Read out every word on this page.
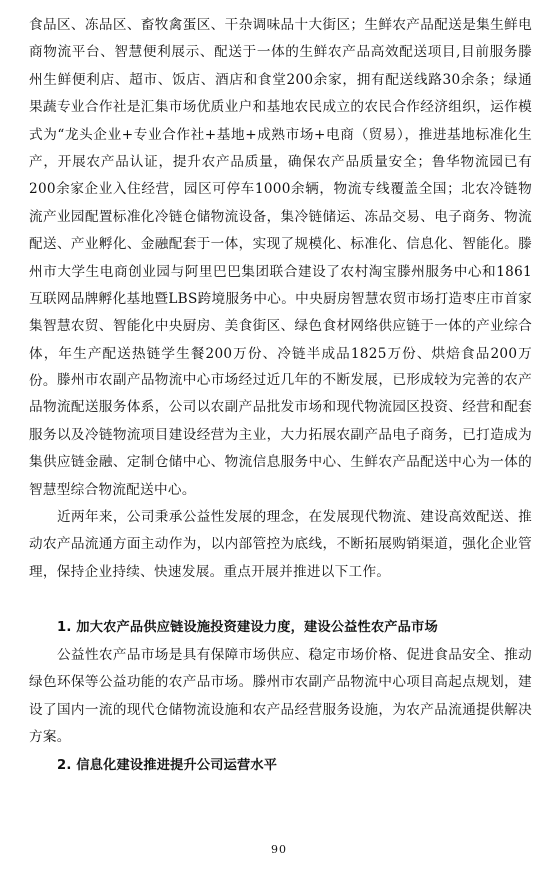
食品区、冻品区、畜牧禽蛋区、干杂调味品十大街区；生鲜农产品配送是集生鲜电商物流平台、智慧便利展示、配送于一体的生鲜农产品高效配送项目,目前服务滕州生鲜便利店、超市、饭店、酒店和食堂200余家，拥有配送线路30余条；绿通果蔬专业合作社是汇集市场优质业户和基地农民成立的农民合作经济组织，运作模式为“龙头企业+专业合作社+基地+成熟市场+电商（贸易），推进基地标准化生产，开展农产品认证，提升农产品质量，确保农产品质量安全；鲁华物流园已有200余家企业入住经营，园区可停车1000余辆，物流专线覆盖全国；北农冷链物流产业园配置标准化冷链仓储物流设备，集冷链储运、冻品交易、电子商务、物流配送、产业孵化、金融配套于一体，实现了规模化、标准化、信息化、智能化。滕州市大学生电商创业园与阿里巴巴集团联合建设了农村淘宝滕州服务中心和1861互联网品牌孵化基地暨LBS跨境服务中心。中央厨房智慧农贸市场打造枣庄市首家集智慧农贸、智能化中央厨房、美食街区、绿色食材网络供应链于一体的产业综合体，年生产配送热链学生餐200万份、冷链半成品1825万份、烘焙食品200万份。 滕州市农副产品物流中心市场经过近几年的不断发展，已形成较为完善的农产品物流配送服务体系，公司以农副产品批发市场和现代物流园区投资、经营和配套服务以及冷链物流项目建设经营为主业，大力拓展农副产品电子商务，已打造成为集供应链金融、定制仓储中心、物流信息服务中心、生鲜农产品配送中心为一体的智慧型综合物流配送中心。

近两年来，公司秉承公益性发展的理念，在发展现代物流、建设高效配送、推动农产品流通方面主动作为，以内部管控为底线，不断拓展购销渠道，强化企业管理，保持企业持续、快速发展。重点开展并推进以下工作。

1. 加大农产品供应链设施投资建设力度，建设公益性农产品市场

公益性农产品市场是具有保障市场供应、稳定市场价格、促进食品安全、推动绿色环保等公益功能的农产品市场。滕州市农副产品物流中心项目高起点规划，建设了国内一流的现代仓储物流设施和农产品经营服务设施，为农产品流通提供解决方案。

2. 信息化建设推进提升公司运营水平
90
